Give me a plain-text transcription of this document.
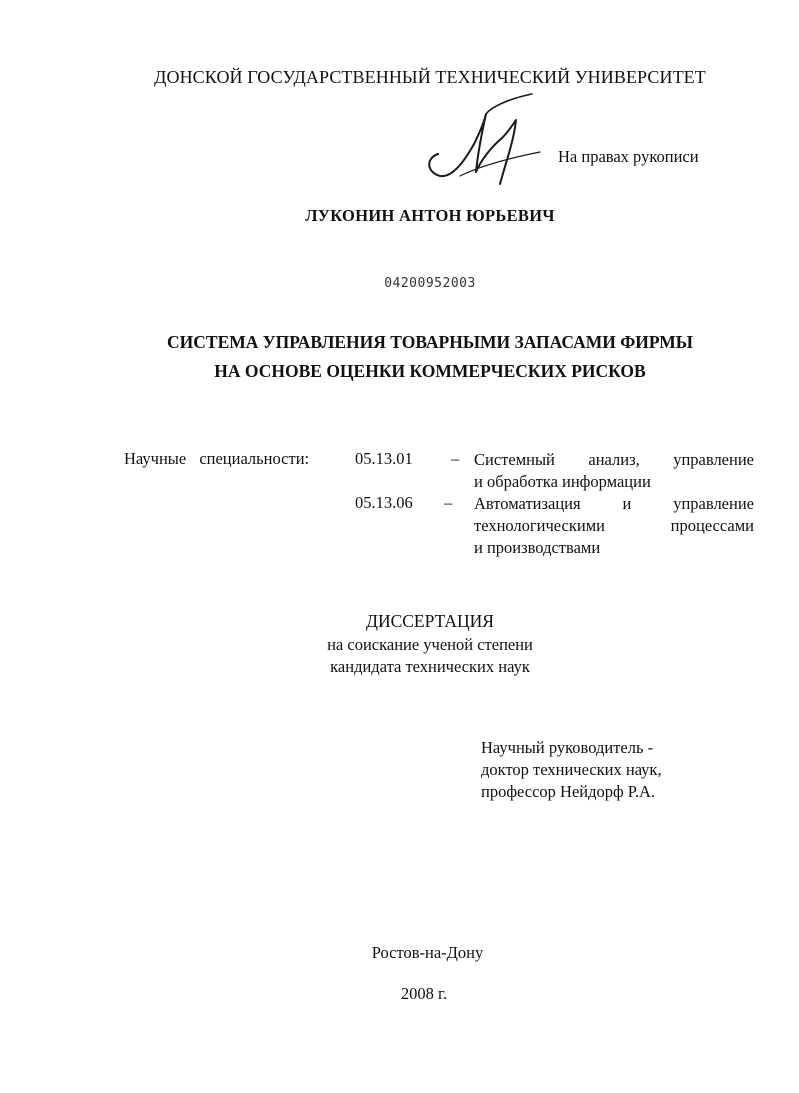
ДОНСКОЙ ГОСУДАРСТВЕННЫЙ ТЕХНИЧЕСКИЙ УНИВЕРСИТЕТ
На правах рукописи
ЛУКОНИН АНТОН ЮРЬЕВИЧ
04200952003
СИСТЕМА УПРАВЛЕНИЯ ТОВАРНЫМИ ЗАПАСАМИ ФИРМЫ
НА ОСНОВЕ ОЦЕНКИ КОММЕРЧЕСКИХ РИСКОВ
Научные специальности:	05.13.01 – Системный анализ, управление
и обработка информации
05.13.06 – Автоматизация и управление
технологическими процессами
и производствами
ДИССЕРТАЦИЯ
на соискание ученой степени
кандидата технических наук
Научный руководитель -
доктор технических наук,
профессор Нейдорф Р.А.
Ростов-на-Дону
2008 г.
